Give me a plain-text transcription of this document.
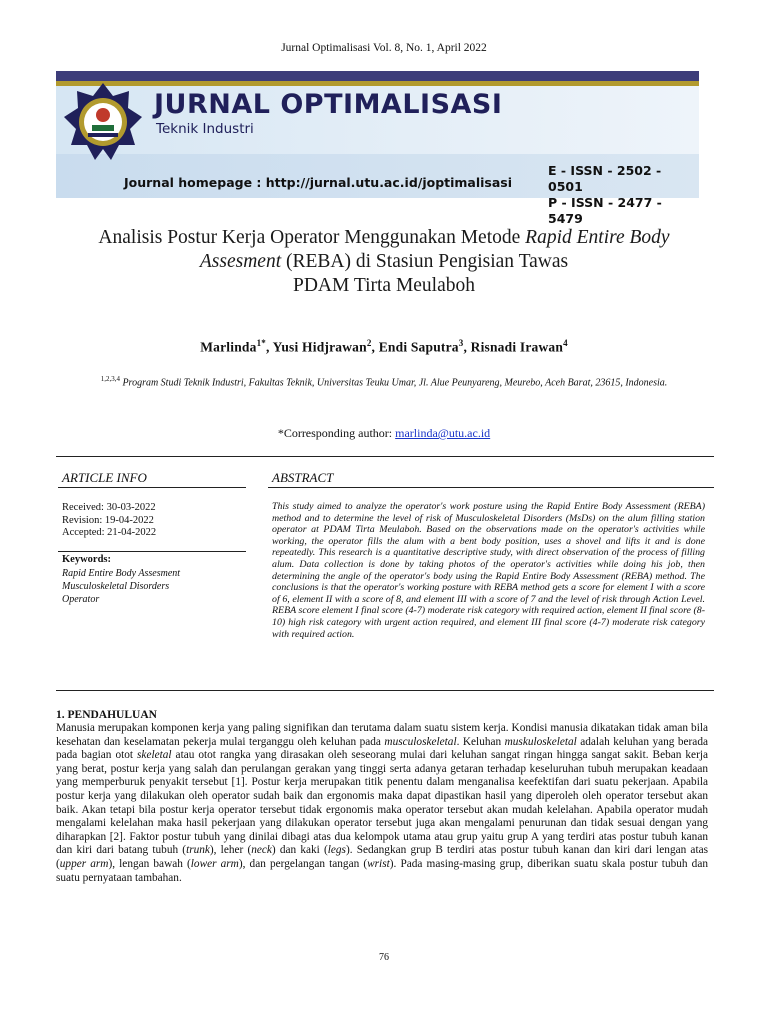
Jurnal Optimalisasi Vol. 8, No. 1, April 2022
JURNAL OPTIMALISASI
Teknik Industri
Journal homepage : http://jurnal.utu.ac.id/joptimalisasi
E - ISSN - 2502 - 0501
P - ISSN - 2477 - 5479
Analisis Postur Kerja Operator Menggunakan Metode Rapid Entire Body Assesment (REBA) di Stasiun Pengisian Tawas
PDAM Tirta Meulaboh
Marlinda$^{1*}$, Yusi Hidjrawan$^2$, Endi Saputra$^3$, Risnadi Irawan$^4$
$^{1,2,3,4}$ Program Studi Teknik Industri, Fakultas Teknik, Universitas Teuku Umar, Jl. Alue Peunyareng, Meurebo, Aceh Barat, 23615, Indonesia.
*Corresponding author: marlinda@utu.ac.id
ARTICLE INFO	ABSTRACT
Received: 30-03-2022
Revision: 19-04-2022
Accepted: 21-04-2022
Keywords:
Rapid Entire Body Assesment
Musculoskeletal Disorders
Operator
This study aimed to analyze the operator's work posture using the Rapid Entire Body Assessment (REBA) method and to determine the level of risk of Musculoskeletal Disorders (MsDs) on the alum filling station operator at PDAM Tirta Meulaboh. Based on the observations made on the operator's activities while working, the operator fills the alum with a bent body position, uses a shovel and lifts it and is done repeatedly. This research is a quantitative descriptive study, with direct observation of the process of filling alum. Data collection is done by taking photos of the operator's activities while doing his job, then determining the angle of the operator's body using the Rapid Entire Body Assessment (REBA) method. The conclusions is that the operator's working posture with REBA method gets a score for element I with a score of 6, element II with a score of 8, and element III with a score of 7 and the level of risk through Action Level. REBA score element I final score (4-7) moderate risk category with required action, element II final score (8-10) high risk category with urgent action required, and element III final score (4-7) moderate risk category with required action.
1. PENDAHULUAN
Manusia merupakan komponen kerja yang paling signifikan dan terutama dalam suatu sistem kerja. Kondisi manusia dikatakan tidak aman bila kesehatan dan keselamatan pekerja mulai terganggu oleh keluhan pada musculoskeletal. Keluhan muskuloskeletal adalah keluhan yang berada pada bagian otot skeletal atau otot rangka yang dirasakan oleh seseorang mulai dari keluhan sangat ringan hingga sangat sakit. Beban kerja yang berat, postur kerja yang salah dan perulangan gerakan yang tinggi serta adanya getaran terhadap keseluruhan tubuh merupakan keadaan yang memperburuk penyakit tersebut [1]. Postur kerja merupakan titik penentu dalam menganalisa keefektifan dari suatu pekerjaan. Apabila postur kerja yang dilakukan oleh operator sudah baik dan ergonomis maka dapat dipastikan hasil yang diperoleh oleh operator tersebut akan baik. Akan tetapi bila postur kerja operator tersebut tidak ergonomis maka operator tersebut akan mudah kelelahan. Apabila operator mudah mengalami kelelahan maka hasil pekerjaan yang dilakukan operator tersebut juga akan mengalami penurunan dan tidak sesuai dengan yang diharapkan [2]. Faktor postur tubuh yang dinilai dibagi atas dua kelompok utama atau grup yaitu grup A yang terdiri atas postur tubuh kanan dan kiri dari batang tubuh (trunk), leher (neck) dan kaki (legs). Sedangkan grup B terdiri atas postur tubuh kanan dan kiri dari lengan atas (upper arm), lengan bawah (lower arm), dan pergelangan tangan (wrist). Pada masing-masing grup, diberikan suatu skala postur tubuh dan suatu pernyataan tambahan.
76
